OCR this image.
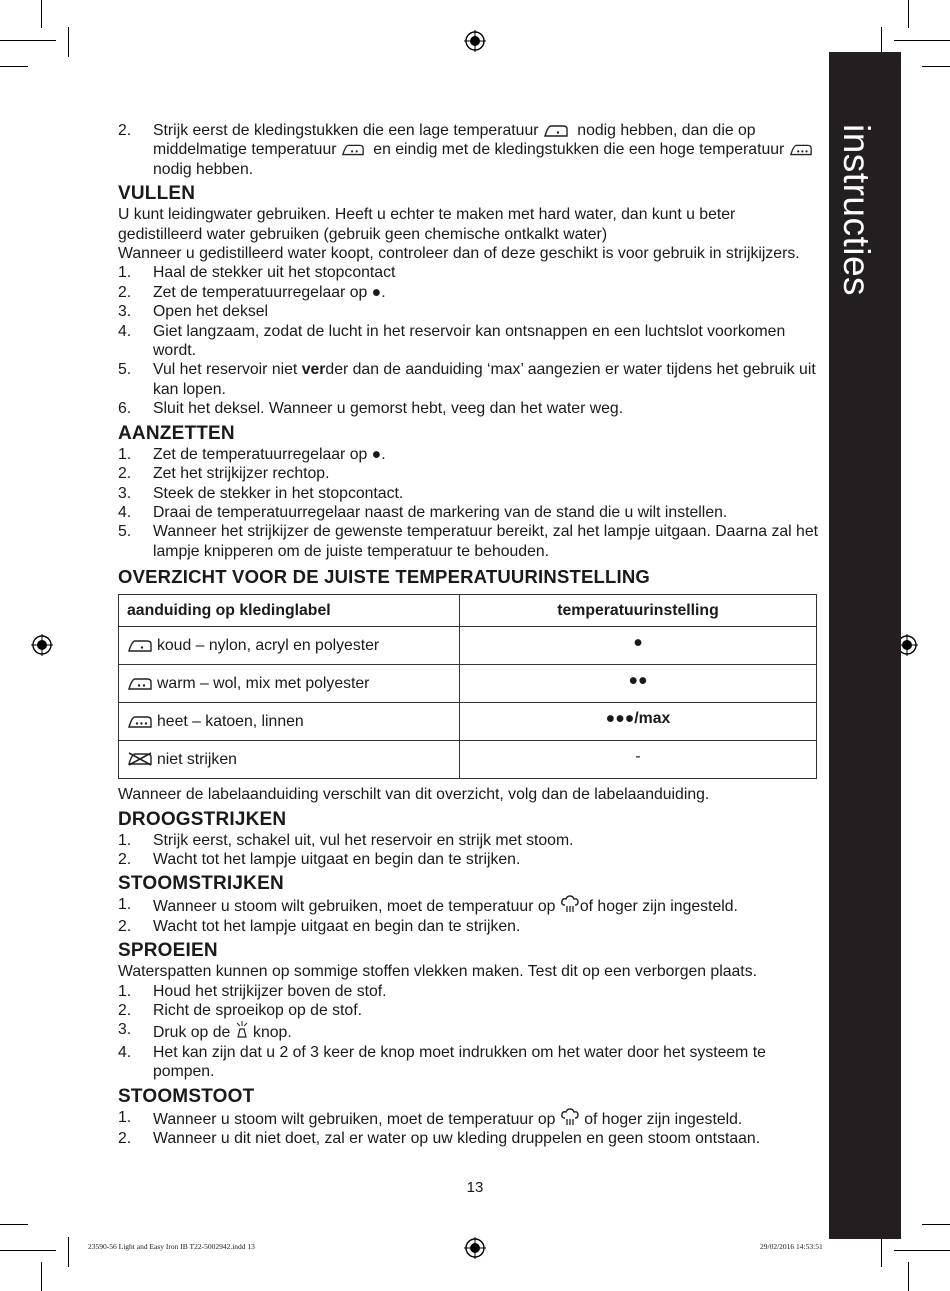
instructies
2.	Strijk eerst de kledingstukken die een lage temperatuur  nodig hebben, dan die op middelmatige temperatuur  en eindig met de kledingstukken die een hoge temperatuur  nodig hebben.
VULLEN

U kunt leidingwater gebruiken. Heeft u echter te maken met hard water, dan kunt u beter gedistilleerd water gebruiken (gebruik geen chemische ontkalkt water)

Wanneer u gedistilleerd water koopt, controleer dan of deze geschikt is voor gebruik in strijkijzers.

1.	Haal de stekker uit het stopcontact
2.	Zet de temperatuurregelaar op ●.
3.	Open het deksel
4.	Giet langzaam, zodat de lucht in het reservoir kan ontsnappen en een luchtslot voorkomen wordt.
5.	Vul het reservoir niet verder dan de aanduiding ‘max’ aangezien er water tijdens het gebruik uit kan lopen.
6.	Sluit het deksel. Wanneer u gemorst hebt, veeg dan het water weg.
AANZETTEN
1.	Zet de temperatuurregelaar op ●.
2.	Zet het strijkijzer rechtop.
3.	Steek de stekker in het stopcontact.
4.	Draai de temperatuurregelaar naast de markering van de stand die u wilt instellen.
5.	Wanneer het strijkijzer de gewenste temperatuur bereikt, zal het lampje uitgaan. Daarna zal het lampje knipperen om de juiste temperatuur te behouden.
OVERZICHT VOOR DE JUISTE TEMPERATUURINSTELLING
aanduiding op kledinglabel	temperatuurinstelling
koud – nylon, acryl en polyester	●
warm – wol, mix met polyester	●●
heet – katoen, linnen	●●●/max
niet strijken	-

Wanneer de labelaanduiding verschilt van dit overzicht, volg dan de labelaanduiding.

DROOGSTRIJKEN
1.	Strijk eerst, schakel uit, vul het reservoir en strijk met stoom.
2.	Wacht tot het lampje uitgaat en begin dan te strijken.
STOOMSTRIJKEN
1.	Wanneer u stoom wilt gebruiken, moet de temperatuur op of hoger zijn ingesteld.
2.	Wacht tot het lampje uitgaat en begin dan te strijken.
SPROEIEN

Waterspatten kunnen op sommige stoffen vlekken maken. Test dit op een verborgen plaats.

1.	Houd het strijkijzer boven de stof.
2.	Richt de sproeikop op de stof.
3.	Druk op de  knop.
4.	Het kan zijn dat u 2 of 3 keer de knop moet indrukken om het water door het systeem te pompen.
STOOMSTOOT
1.	Wanneer u stoom wilt gebruiken, moet de temperatuur op  of hoger zijn ingesteld.
2.	Wanneer u dit niet doet, zal er water op uw kleding druppelen en geen stoom ontstaan.
13
23590-56 Light and Easy Iron IB T22-5002942.indd 13	29/02/2016 14:53:51
